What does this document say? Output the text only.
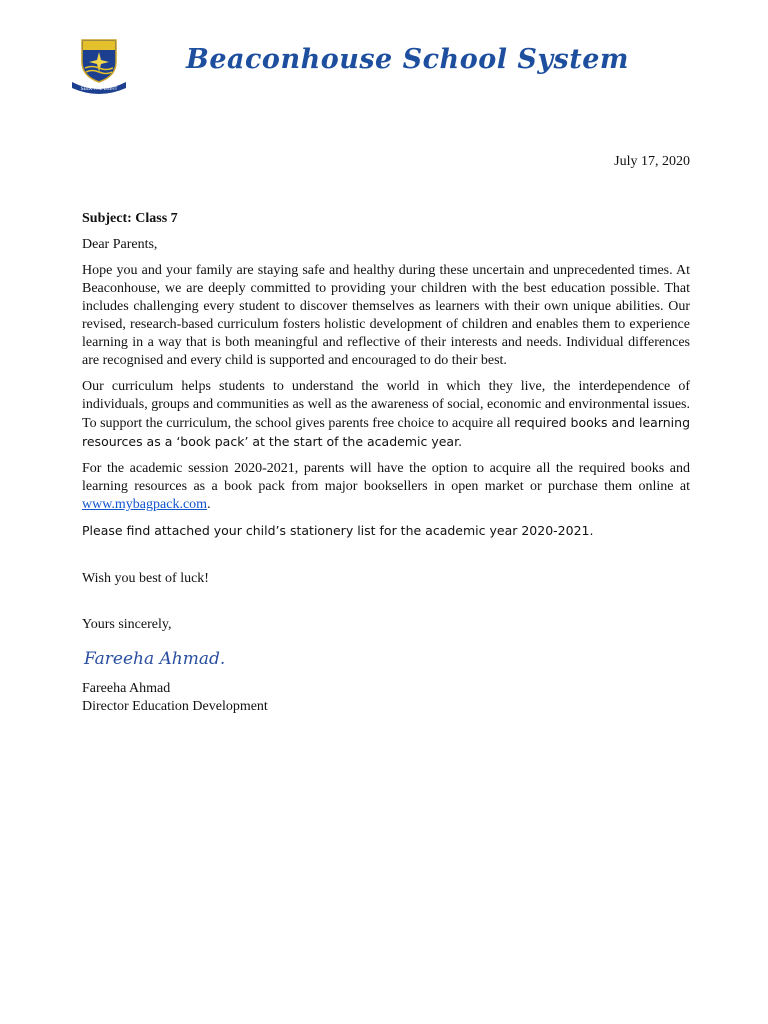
SEEK THE LIGHT
Beaconhouse School System
July 17, 2020

Subject: Class 7

Dear Parents,

Hope you and your family are staying safe and healthy during these uncertain and unprecedented times. At Beaconhouse, we are deeply committed to providing your children with the best education possible. That includes challenging every student to discover themselves as learners with their own unique abilities. Our revised, research-based curriculum fosters holistic development of children and enables them to experience learning in a way that is both meaningful and reflective of their interests and needs. Individual differences are recognised and every child is supported and encouraged to do their best.

Our curriculum helps students to understand the world in which they live, the interdependence of individuals, groups and communities as well as the awareness of social, economic and environmental issues. To support the curriculum, the school gives parents free choice to acquire all required books and learning resources as a ‘book pack’ at the start of the academic year.

For the academic session 2020-2021, parents will have the option to acquire all the required books and learning resources as a book pack from major booksellers in open market or purchase them online at www.mybagpack.com.

Please find attached your child’s stationery list for the academic year 2020-2021.

Wish you best of luck!

Yours sincerely,

Fareeha Ahmad.

Fareeha Ahmad

Director Education Development
